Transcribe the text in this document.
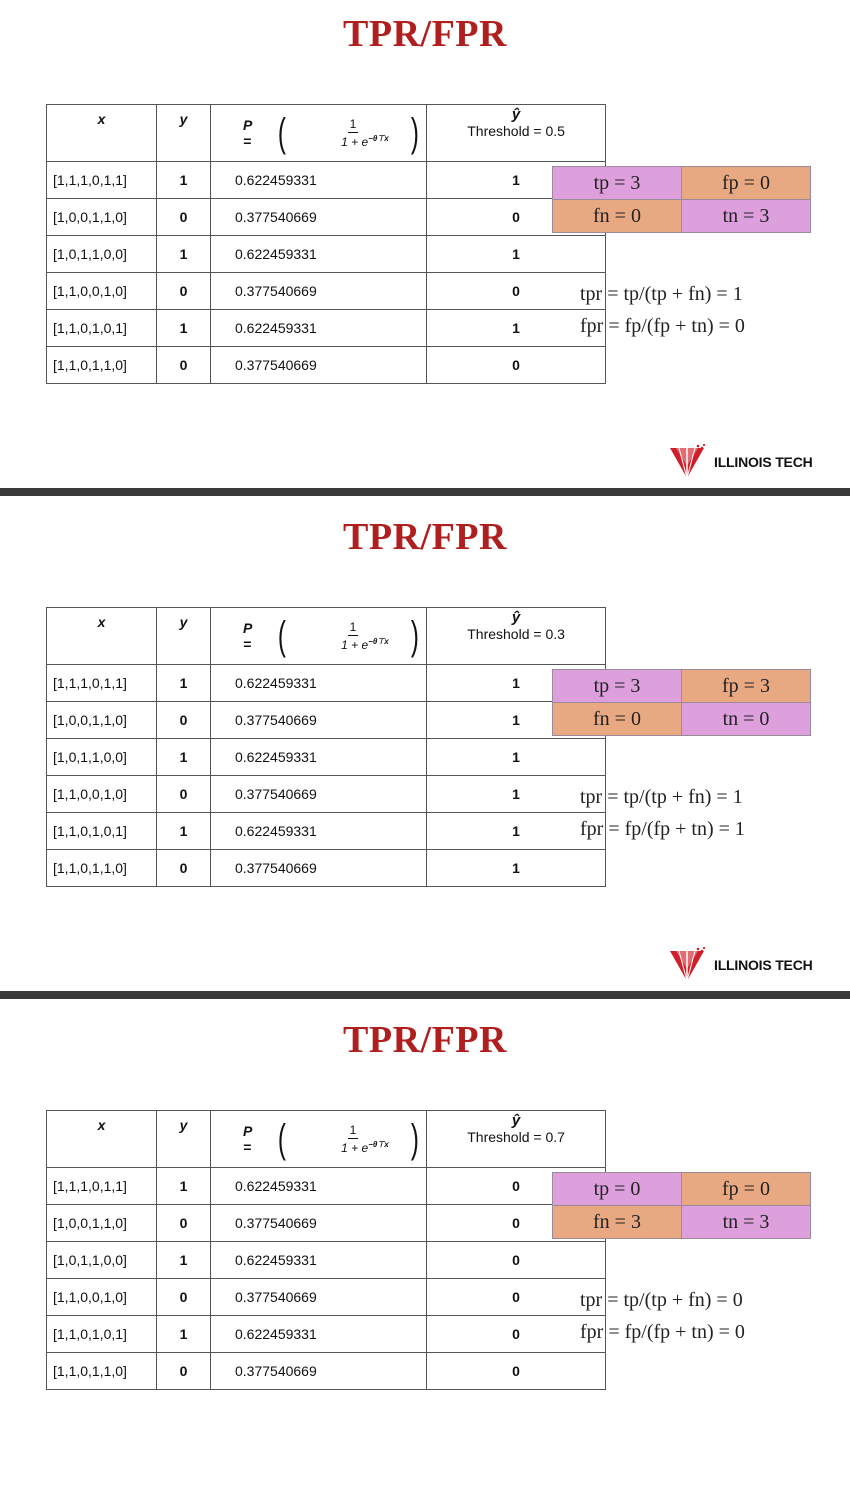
TPR/FPR
x	y	P = ( $\frac{1}{1 + e^{-\theta⊤x}}$ )	ŷ
Threshold = 0.5
[1,1,1,0,1,1]	1	0.622459331	1
[1,0,0,1,1,0]	0	0.377540669	0
[1,0,1,1,0,0]	1	0.622459331	1
[1,1,0,0,1,0]	0	0.377540669	0
[1,1,0,1,0,1]	1	0.622459331	1
[1,1,0,1,1,0]	0	0.377540669	0
tp = 3	fp = 0
fn = 0	tn = 3
tpr = tp/(tp + fn) = 1
fpr = fp/(fp + tn) = 0
ILLINOIS TECH
TPR/FPR
x	y	P = ( $\frac{1}{1 + e^{-\theta⊤x}}$ )	ŷ
Threshold = 0.3
[1,1,1,0,1,1]	1	0.622459331	1
[1,0,0,1,1,0]	0	0.377540669	1
[1,0,1,1,0,0]	1	0.622459331	1
[1,1,0,0,1,0]	0	0.377540669	1
[1,1,0,1,0,1]	1	0.622459331	1
[1,1,0,1,1,0]	0	0.377540669	1
tp = 3	fp = 3
fn = 0	tn = 0
tpr = tp/(tp + fn) = 1
fpr = fp/(fp + tn) = 1
ILLINOIS TECH
TPR/FPR
x	y	P = ( $\frac{1}{1 + e^{-\theta⊤x}}$ )	ŷ
Threshold = 0.7
[1,1,1,0,1,1]	1	0.622459331	0
[1,0,0,1,1,0]	0	0.377540669	0
[1,0,1,1,0,0]	1	0.622459331	0
[1,1,0,0,1,0]	0	0.377540669	0
[1,1,0,1,0,1]	1	0.622459331	0
[1,1,0,1,1,0]	0	0.377540669	0
tp = 0	fp = 0
fn = 3	tn = 3
tpr = tp/(tp + fn) = 0
fpr = fp/(fp + tn) = 0
